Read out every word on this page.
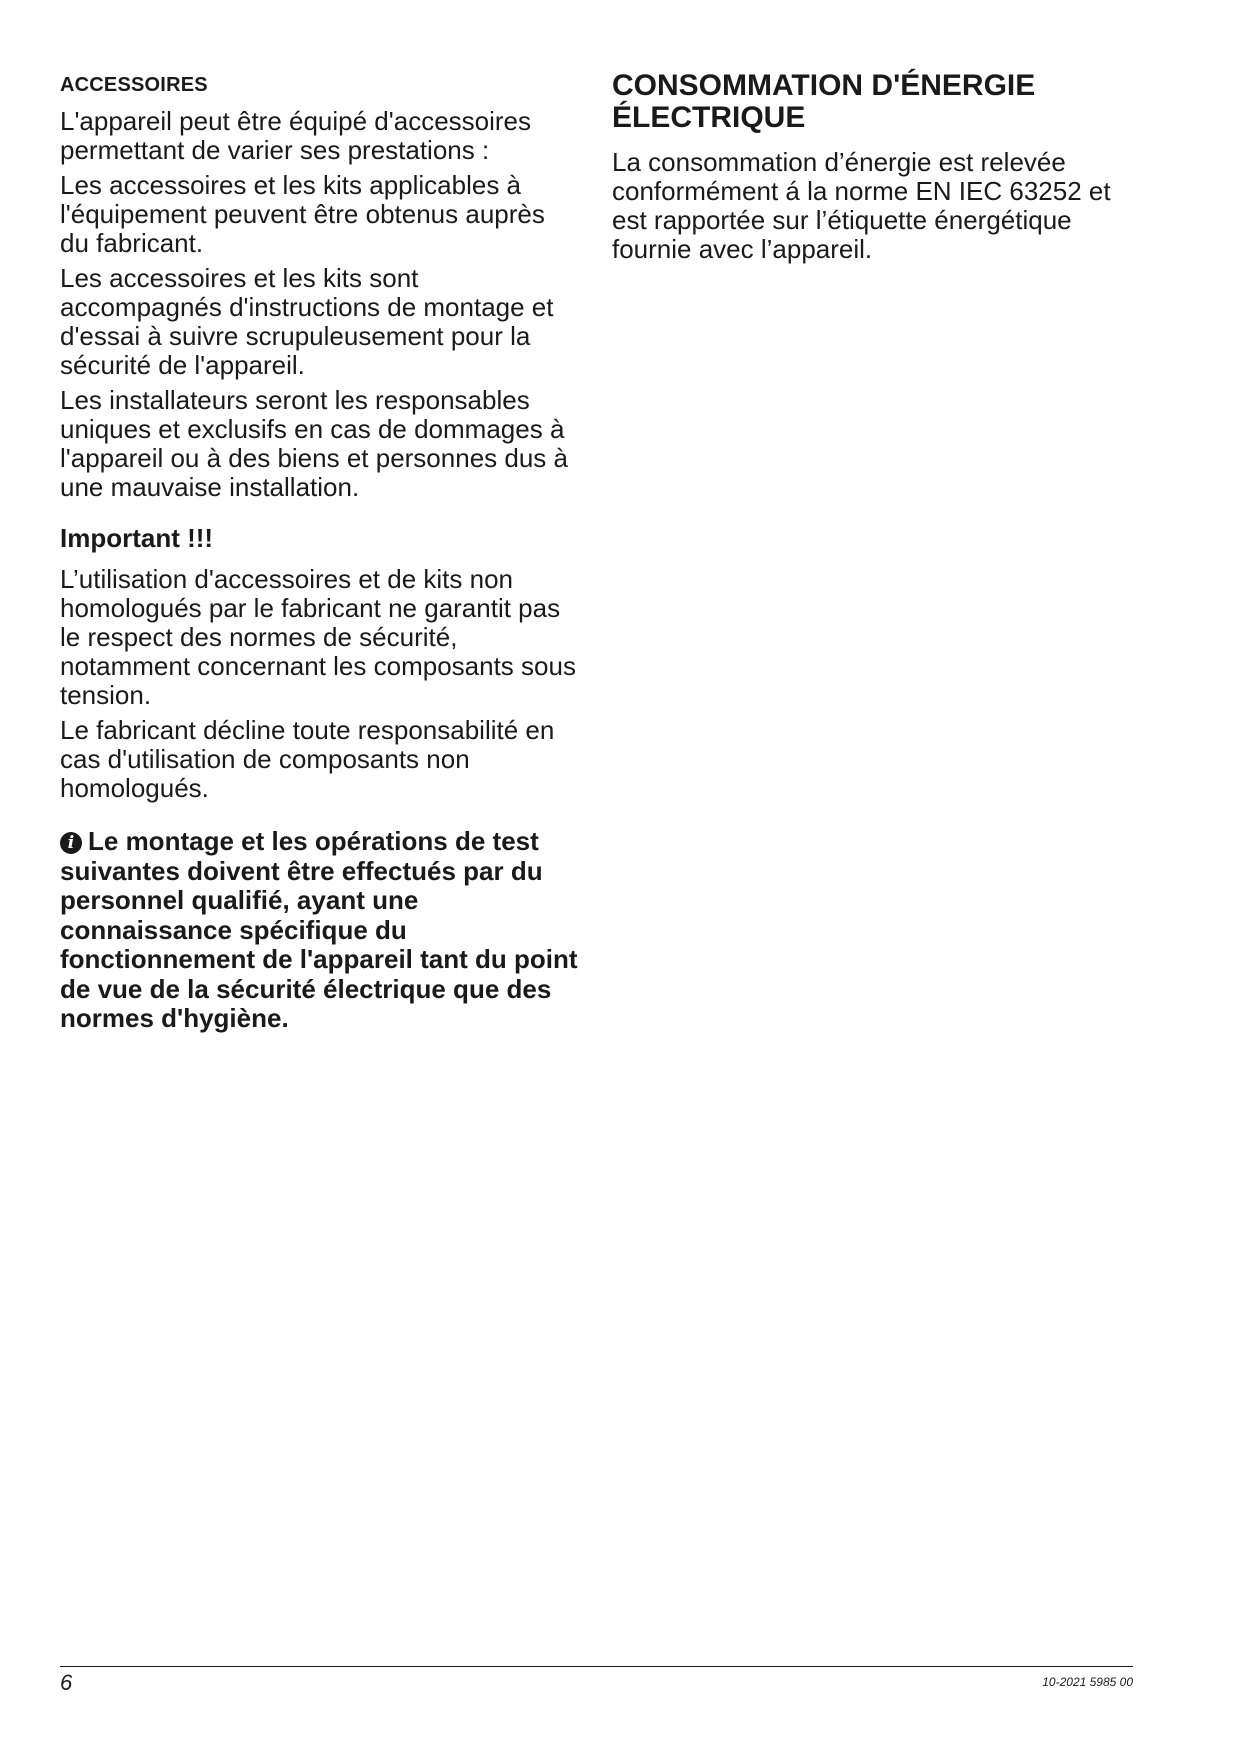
ACCESSOIRES

L'appareil peut être équipé d'accessoires permettant de varier ses prestations :

Les accessoires et les kits applicables à l'équipement peuvent être obtenus auprès du fabricant.

Les accessoires et les kits sont accompagnés d'instructions de montage et d'essai à suivre scrupuleusement pour la sécurité de l'appareil.

Les installateurs seront les responsables uniques et exclusifs en cas de dommages à l'appareil ou à des biens et personnes dus à une mauvaise installation.

Important !!!

L’utilisation d'accessoires et de kits non homologués par le fabricant ne garantit pas le respect des normes de sécurité, notamment concernant les composants sous tension.

Le fabricant décline toute responsabilité en cas d'utilisation de composants non homologués.

i Le montage et les opérations de test suivantes doivent être effectués par du personnel qualifié, ayant une connaissance spécifique du fonctionnement de l'appareil tant du point de vue de la sécurité électrique que des normes d'hygiène.

CONSOMMATION D'ÉNERGIE
ÉLECTRIQUE

La consommation d’énergie est relevée conformément á la norme EN IEC 63252 et est rapportée sur l’étiquette énergétique fournie avec l’appareil.

6	10-2021 5985 00
